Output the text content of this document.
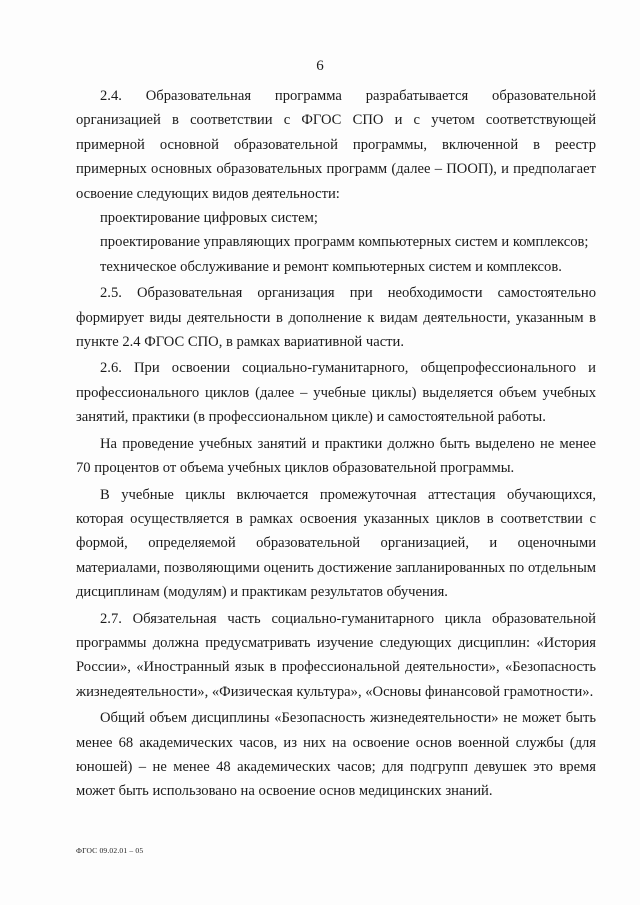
6

2.4. Образовательная программа разрабатывается образовательной организацией в соответствии с ФГОС СПО и с учетом соответствующей примерной основной образовательной программы, включенной в реестр примерных основных образовательных программ (далее – ПООП), и предполагает освоение следующих видов деятельности:

проектирование цифровых систем;

проектирование управляющих программ компьютерных систем и комплексов;

техническое обслуживание и ремонт компьютерных систем и комплексов.

2.5. Образовательная организация при необходимости самостоятельно формирует виды деятельности в дополнение к видам деятельности, указанным в пункте 2.4 ФГОС СПО, в рамках вариативной части.

2.6. При освоении социально-гуманитарного, общепрофессионального и профессионального циклов (далее – учебные циклы) выделяется объем учебных занятий, практики (в профессиональном цикле) и самостоятельной работы.

На проведение учебных занятий и практики должно быть выделено не менее 70 процентов от объема учебных циклов образовательной программы.

В учебные циклы включается промежуточная аттестация обучающихся, которая осуществляется в рамках освоения указанных циклов в соответствии с формой, определяемой образовательной организацией, и оценочными материалами, позволяющими оценить достижение запланированных по отдельным дисциплинам (модулям) и практикам результатов обучения.

2.7. Обязательная часть социально-гуманитарного цикла образовательной программы должна предусматривать изучение следующих дисциплин: «История России», «Иностранный язык в профессиональной деятельности», «Безопасность жизнедеятельности», «Физическая культура», «Основы финансовой грамотности».

Общий объем дисциплины «Безопасность жизнедеятельности» не может быть менее 68 академических часов, из них на освоение основ военной службы (для юношей) – не менее 48 академических часов; для подгрупп девушек это время может быть использовано на освоение основ медицинских знаний.

ФГОС 09.02.01 – 05
